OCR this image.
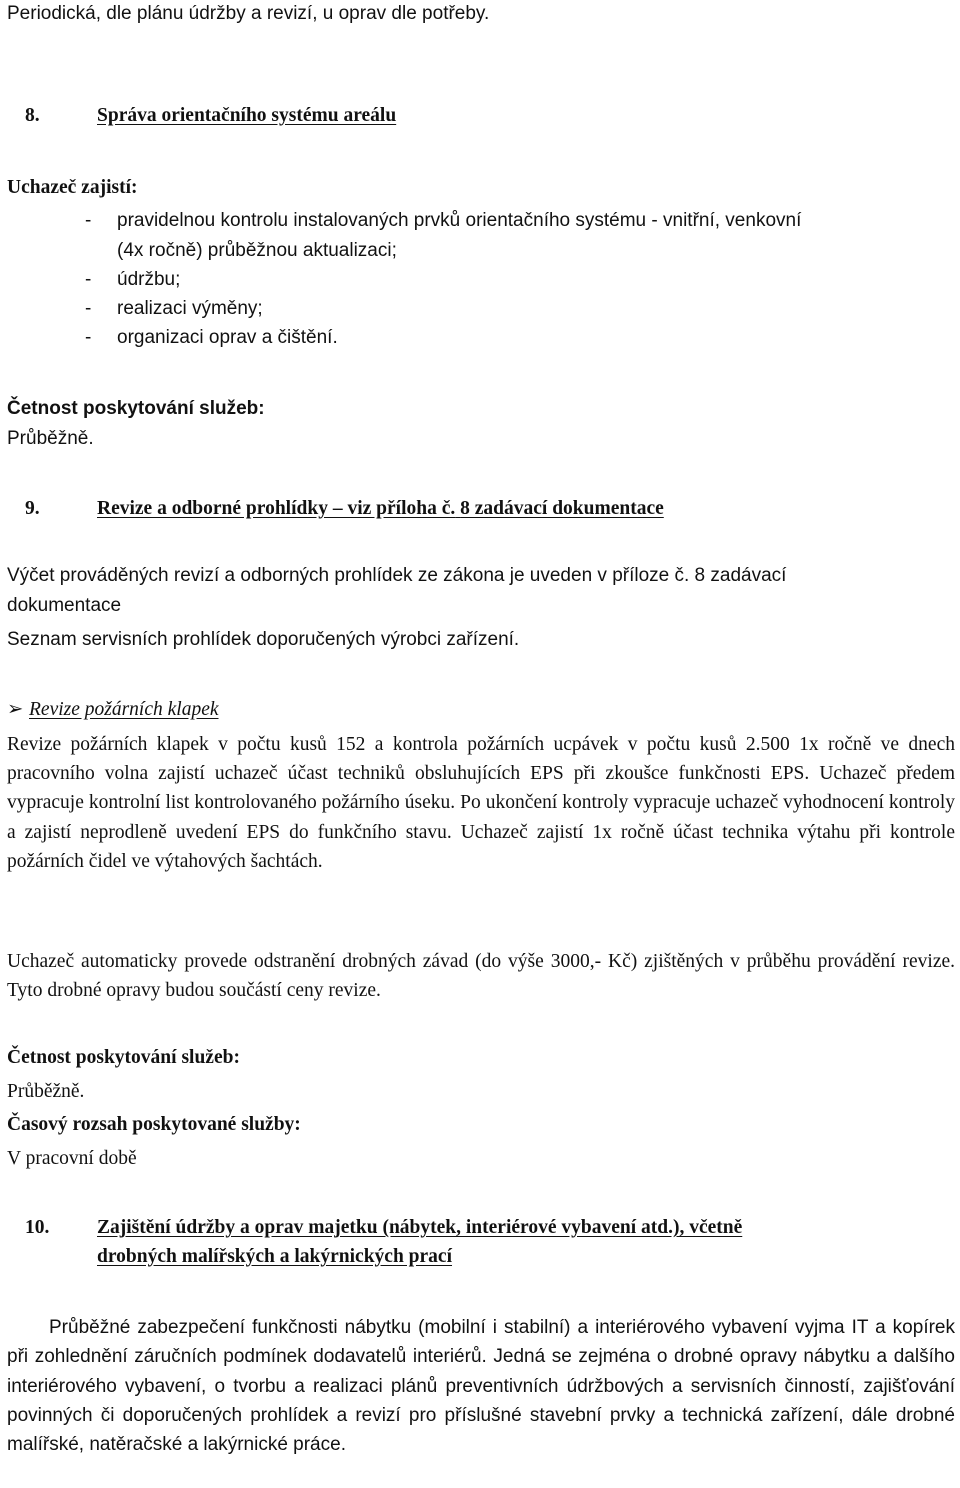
Periodická, dle plánu údržby a revizí, u oprav dle potřeby.
8.	Správa orientačního systému areálu
Uchazeč zajistí:
- pravidelnou kontrolu instalovaných prvků orientačního systému - vnitřní, venkovní
(4x ročně) průběžnou aktualizaci;
- údržbu;
- realizaci výměny;
- organizaci oprav a čištění.
Četnost poskytování služeb:
Průběžně.
9.	Revize a odborné prohlídky – viz příloha č. 8 zadávací dokumentace
Výčet prováděných revizí a odborných prohlídek ze zákona je uveden v příloze č. 8 zadávací
dokumentace
Seznam servisních prohlídek doporučených výrobci zařízení.
➢ Revize požárních klapek
Revize požárních klapek v počtu kusů 152 a kontrola požárních ucpávek v počtu kusů 2.500 1x ročně ve dnech pracovního volna zajistí uchazeč účast techniků obsluhujících EPS při zkoušce funkčnosti EPS. Uchazeč předem vypracuje kontrolní list kontrolovaného požárního úseku. Po ukončení kontroly vypracuje uchazeč vyhodnocení kontroly a zajistí neprodleně uvedení EPS do funkčního stavu. Uchazeč zajistí 1x ročně účast technika výtahu při kontrole požárních čidel ve výtahových šachtách.
Uchazeč automaticky provede odstranění drobných závad (do výše 3000,- Kč) zjištěných v průběhu provádění revize. Tyto drobné opravy budou součástí ceny revize.
Četnost poskytování služeb:
Průběžně.
Časový rozsah poskytované služby:
V pracovní době
10. Zajištění údržby a oprav majetku (nábytek, interiérové vybavení atd.), včetně
drobných malířských a lakýrnických prací
Průběžné zabezpečení funkčnosti nábytku (mobilní i stabilní) a interiérového vybavení vyjma IT a kopírek při zohlednění záručních podmínek dodavatelů interiérů. Jedná se zejména o drobné opravy nábytku a dalšího interiérového vybavení, o tvorbu a realizaci plánů preventivních údržbových a servisních činností, zajišťování povinných či doporučených prohlídek a revizí pro příslušné stavební prvky a technická zařízení, dále drobné malířské, natěračské a lakýrnické práce.
